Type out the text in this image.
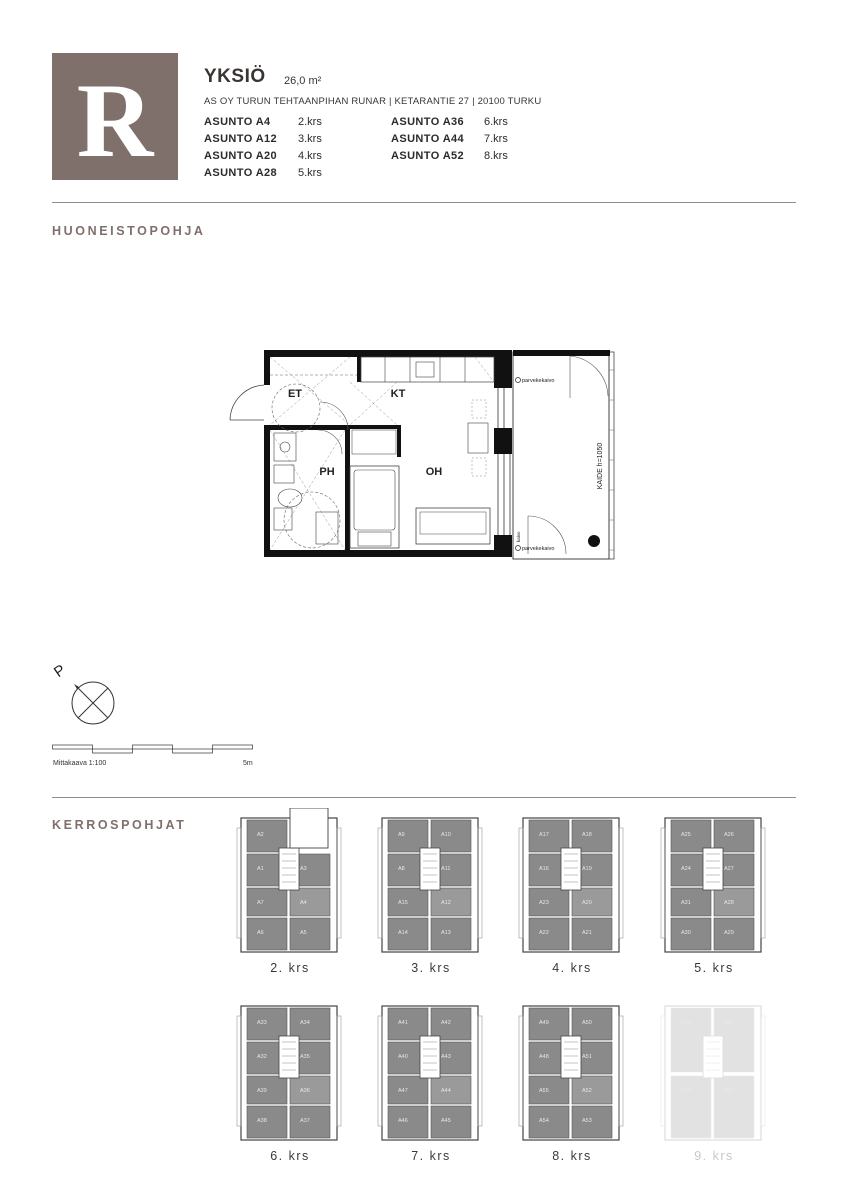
R	YKSIÖ 26,0 m²
AS OY TURUN TEHTAANPIHAN RUNAR | KETARANTIE 27 | 20100 TURKU
ASUNTO A4 2.krs
ASUNTO A12 3.krs
ASUNTO A20 4.krs
ASUNTO A28 5.krs
ASUNTO A36 6.krs
ASUNTO A44 7.krs
ASUNTO A52 8.krs
HUONEISTOPOHJA
ET	KT
PH	OH	KAIDE h=1050
parvekekaivo
parvekekaivo
kaivo
P
Mittakaava 1:100	5m
KERROSPOHJAT
A2
A1	A3
A7	A4
A6	A5
2. krs
A9	A10
A8	A11
A15	A12
A14	A13
3. krs
A17	A18
A16	A19
A23	A20
A22	A21
4. krs
A25	A26
A24	A27
A31	A28
A30	A29
5. krs
A33	A34
A32	A35
A39	A36
A38	A37
6. krs
A41	A42
A40	A43
A47	A44
A46	A45
7. krs
A49	A50
A48	A51
A55	A52
A54	A53
8. krs
A56	A57
A58	A59
9. krs
